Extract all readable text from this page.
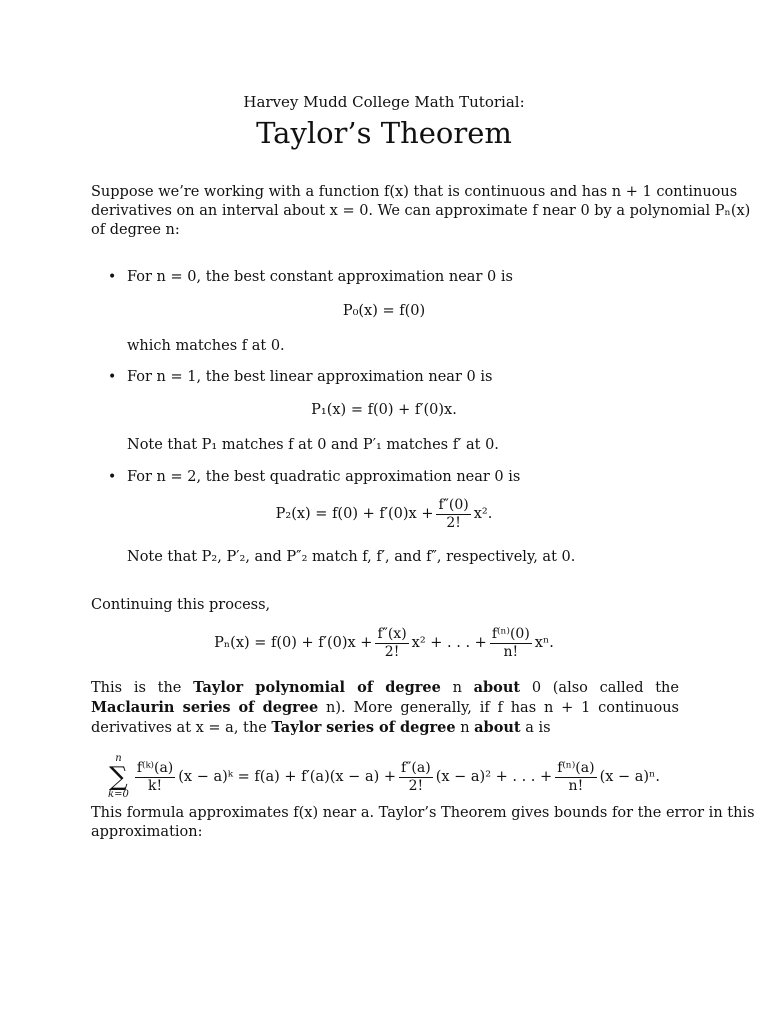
Harvey Mudd College Math Tutorial:
Taylor’s Theorem
Suppose we’re working with a function f(x) that is continuous and has n + 1 continuous
derivatives on an interval about x = 0. We can approximate f near 0 by a polynomial Pₙ(x)
of degree n:
• For n = 0, the best constant approximation near 0 is
P₀(x) = f(0)
which matches f at 0.
• For n = 1, the best linear approximation near 0 is
P₁(x) = f(0) + f′(0)x.
Note that P₁ matches f at 0 and P′₁ matches f′ at 0.
• For n = 2, the best quadratic approximation near 0 is
$P_2(x) = f(0) + f'(0)x + \frac{f''(0)}{2!} x^2$.
Note that P₂, P′₂, and P″₂ match f, f′, and f″, respectively, at 0.
Continuing this process,
$P_n(x) = f(0) + f'(0)x + \frac{f''(x)}{2!} x^2$ + . . . + $\frac{\text{f⁽ⁿ⁾(0)}}{n!} x^n$.
This is the Taylor polynomial of degree n about 0 (also called the Maclaurin series of degree n). More generally, if f has n + 1 continuous derivatives at x = a, the Taylor series of degree n about a is
n
∑
$k=0 \frac{\text{f⁽ᵏ⁾(a)}}{k!} (x$ − a)ᵏ = $f(a) + f'(a)(x - a) + \frac{f''(a)}{2!} (x - a)^2$ + . . . + $\frac{\text{f⁽ⁿ⁾(a)}}{n!} (x - a)^n$.
This formula approximates f(x) near a. Taylor’s Theorem gives bounds for the error in this
approximation:
